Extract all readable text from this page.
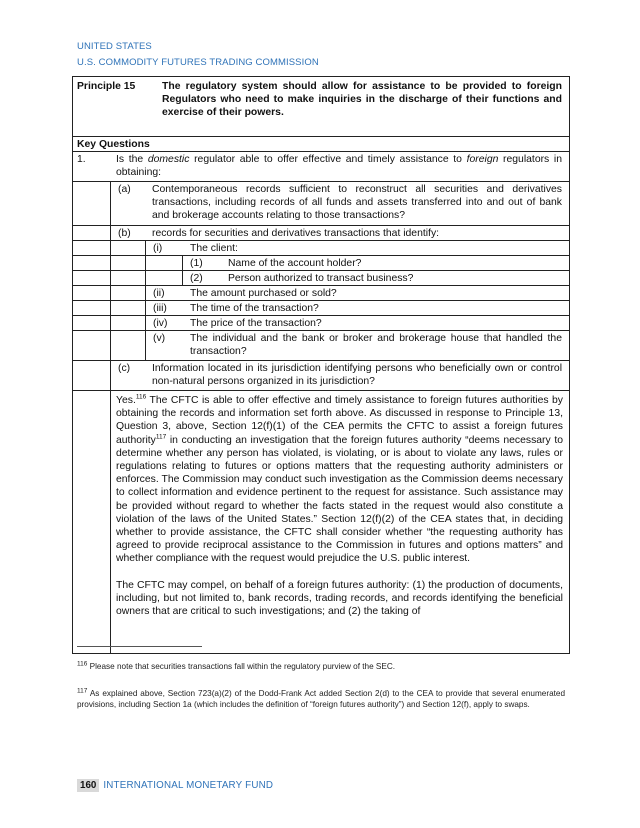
UNITED STATES
U.S. COMMODITY FUTURES TRADING COMMISSION
Principle 15	The regulatory system should allow for assistance to be provided to foreign Regulators who need to make inquiries in the discharge of their functions and exercise of their powers.
Key Questions
1.	Is the domestic regulator able to offer effective and timely assistance to foreign regulators in obtaining:
(a) Contemporaneous records sufficient to reconstruct all securities and derivatives transactions, including records of all funds and assets transferred into and out of bank and brokerage accounts relating to those transactions?
(b) records for securities and derivatives transactions that identify:
(i)	The client:
(1) Name of the account holder?
(2) Person authorized to transact business?
(ii) The amount purchased or sold?
(iii) The time of the transaction?
(iv) The price of the transaction?
(v) The individual and the bank or broker and brokerage house that handled the transaction?
(c) Information located in its jurisdiction identifying persons who beneficially own or control non-natural persons organized in its jurisdiction?

Yes.$^{116}$ The CFTC is able to offer effective and timely assistance to foreign futures authorities by obtaining the records and information set forth above. As discussed in response to Principle 13, Question 3, above, Section 12(f)(1) of the CEA permits the CFTC to assist a foreign futures authority$^{117}$ in conducting an investigation that the foreign futures authority “deems necessary to determine whether any person has violated, is violating, or is about to violate any laws, rules or regulations relating to futures or options matters that the requesting authority administers or enforces. The Commission may conduct such investigation as the Commission deems necessary to collect information and evidence pertinent to the request for assistance. Such assistance may be provided without regard to whether the facts stated in the request would also constitute a violation of the laws of the United States.” Section 12(f)(2) of the CEA states that, in deciding whether to provide assistance, the CFTC shall consider whether “the requesting authority has agreed to provide reciprocal assistance to the Commission in futures and options matters” and whether compliance with the request would prejudice the U.S. public interest.

The CFTC may compel, on behalf of a foreign futures authority: (1) the production of documents, including, but not limited to, bank records, trading records, and records identifying the beneficial owners that are critical to such investigations; and (2) the taking of

$^{116}$ Please note that securities transactions fall within the regulatory purview of the SEC.
$^{117}$ As explained above, Section 723(a)(2) of the Dodd-Frank Act added Section 2(d) to the CEA to provide that several enumerated provisions, including Section 1a (which includes the definition of “foreign futures authority”) and Section 12(f), apply to swaps.
160 INTERNATIONAL MONETARY FUND
